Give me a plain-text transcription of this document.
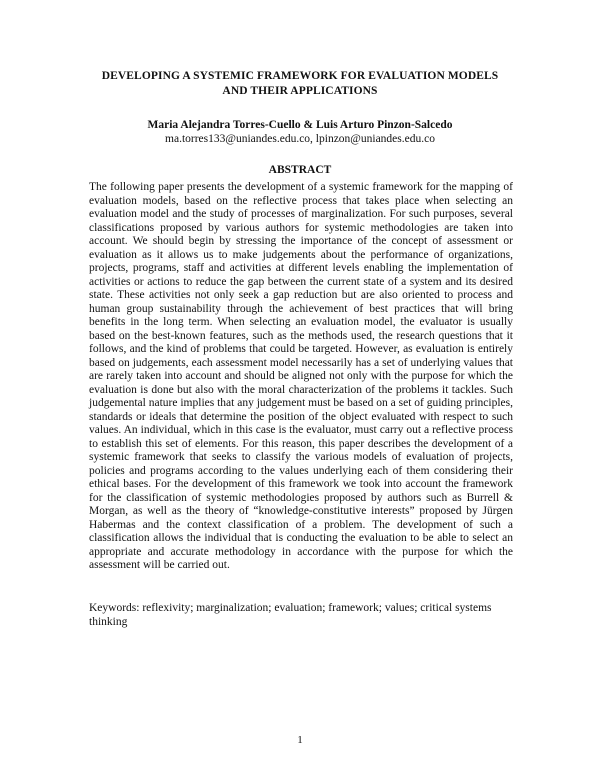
DEVELOPING A SYSTEMIC FRAMEWORK FOR EVALUATION MODELS
AND THEIR APPLICATIONS
Maria Alejandra Torres-Cuello & Luis Arturo Pinzon-Salcedo
ma.torres133@uniandes.edu.co, lpinzon@uniandes.edu.co
ABSTRACT
The following paper presents the development of a systemic framework for the mapping of evaluation models, based on the reflective process that takes place when selecting an evaluation model and the study of processes of marginalization. For such purposes, several classifications proposed by various authors for systemic methodologies are taken into account. We should begin by stressing the importance of the concept of assessment or evaluation as it allows us to make judgements about the performance of organizations, projects, programs, staff and activities at different levels enabling the implementation of activities or actions to reduce the gap between the current state of a system and its desired state. These activities not only seek a gap reduction but are also oriented to process and human group sustainability through the achievement of best practices that will bring benefits in the long term. When selecting an evaluation model, the evaluator is usually based on the best-known features, such as the methods used, the research questions that it follows, and the kind of problems that could be targeted. However, as evaluation is entirely based on judgements, each assessment model necessarily has a set of underlying values that are rarely taken into account and should be aligned not only with the purpose for which the evaluation is done but also with the moral characterization of the problems it tackles. Such judgemental nature implies that any judgement must be based on a set of guiding principles, standards or ideals that determine the position of the object evaluated with respect to such values. An individual, which in this case is the evaluator, must carry out a reflective process to establish this set of elements. For this reason, this paper describes the development of a systemic framework that seeks to classify the various models of evaluation of projects, policies and programs according to the values underlying each of them considering their ethical bases. For the development of this framework we took into account the framework for the classification of systemic methodologies proposed by authors such as Burrell & Morgan, as well as the theory of “knowledge-constitutive interests” proposed by Jürgen Habermas and the context classification of a problem. The development of such a classification allows the individual that is conducting the evaluation to be able to select an appropriate and accurate methodology in accordance with the purpose for which the assessment will be carried out.
Keywords: reflexivity; marginalization; evaluation; framework; values; critical systems thinking
1
